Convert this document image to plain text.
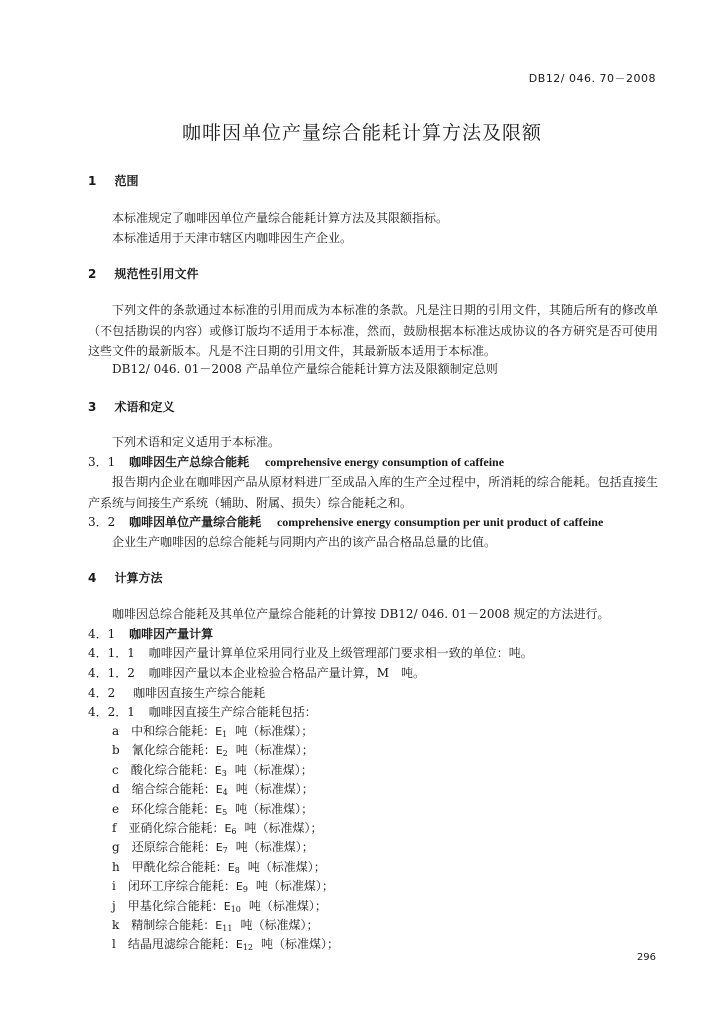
DB12/ 046. 70－2008
咖啡因单位产量综合能耗计算方法及限额
1 范围
本标准规定了咖啡因单位产量综合能耗计算方法及其限额指标。
本标准适用于天津市辖区内咖啡因生产企业。
2 规范性引用文件
下列文件的条款通过本标准的引用而成为本标准的条款。凡是注日期的引用文件，其随后所有的修改单（不包括勘误的内容）或修订版均不适用于本标准，然而，鼓励根据本标准达成协议的各方研究是否可使用这些文件的最新版本。凡是不注日期的引用文件，其最新版本适用于本标准。
DB12/ 046. 01－2008 产品单位产量综合能耗计算方法及限额制定总则
3 术语和定义
下列术语和定义适用于本标准。
3．1 咖啡因生产总综合能耗 comprehensive energy consumption of caffeine
报告期内企业在咖啡因产品从原材料进厂至成品入库的生产全过程中，所消耗的综合能耗。包括直接生产系统与间接生产系统（辅助、附属、损失）综合能耗之和。
3．2 咖啡因单位产量综合能耗 comprehensive energy consumption per unit product of caffeine
企业生产咖啡因的总综合能耗与同期内产出的该产品合格品总量的比值。
4 计算方法
咖啡因总综合能耗及其单位产量综合能耗的计算按 DB12/ 046. 01－2008 规定的方法进行。
4．1 咖啡因产量计算
4．1．1 咖啡因产量计算单位采用同行业及上级管理部门要求相一致的单位：吨。
4．1．2 咖啡因产量以本企业检验合格品产量计算，M　吨。
4．2 咖啡因直接生产综合能耗
4．2．1 咖啡因直接生产综合能耗包括：
a 中和综合能耗：$E_1$ 吨（标准煤）；
b 氰化综合能耗：$E_2$ 吨（标准煤）；
c 酸化综合能耗：$E_3$ 吨（标准煤）；
d 缩合综合能耗：$E_4$ 吨（标准煤）；
e 环化综合能耗：$E_5$ 吨（标准煤）；
f 亚硝化综合能耗：$E_6$ 吨（标准煤）；
g 还原综合能耗：$E_7$ 吨（标准煤）；
h 甲酰化综合能耗：$E_8$ 吨（标准煤）；
i 闭环工序综合能耗：$E_9$ 吨（标准煤）；
j 甲基化综合能耗：$E_{10}$ 吨（标准煤）；
k 精制综合能耗：$E_{11}$ 吨（标准煤）；
l 结晶甩滤综合能耗：$E_{12}$ 吨（标准煤）；
296
